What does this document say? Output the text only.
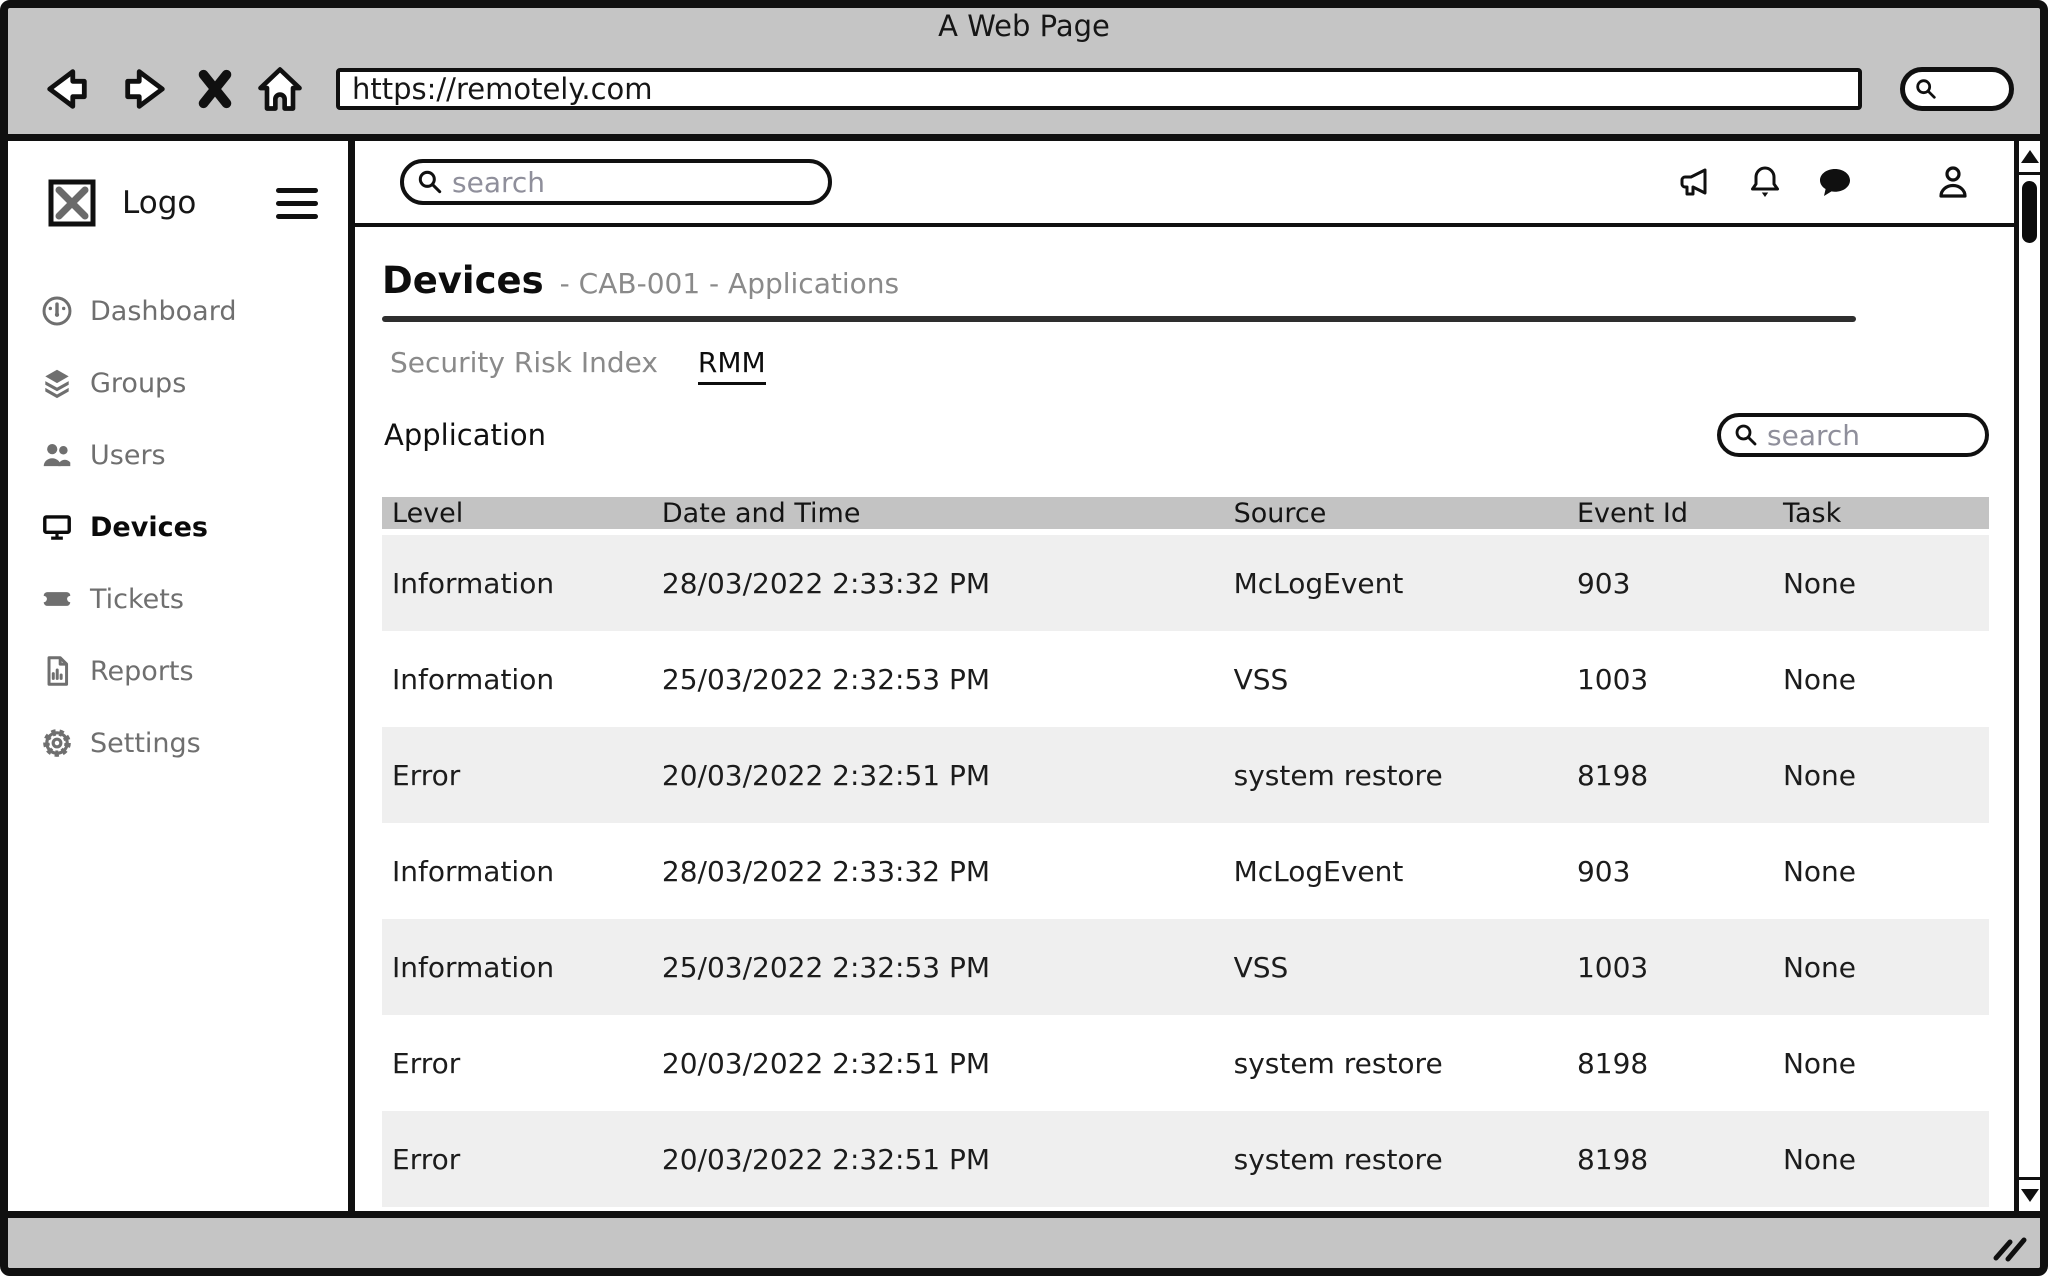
A Web Page
https://remotely.com
Logo
Dashboard
Groups
Users
Devices
Tickets
Reports
Settings
search
Devices - CAB-001 - Applications
Security Risk Index RMM
Application
search
Level	Date and Time	Source	Event Id	Task
Information	28/03/2022 2:33:32 PM	McLogEvent	903	None
Information	25/03/2022 2:32:53 PM	VSS	1003	None
Error	20/03/2022 2:32:51 PM	system restore	8198	None
Information	28/03/2022 2:33:32 PM	McLogEvent	903	None
Information	25/03/2022 2:32:53 PM	VSS	1003	None
Error	20/03/2022 2:32:51 PM	system restore	8198	None
Error	20/03/2022 2:32:51 PM	system restore	8198	None
